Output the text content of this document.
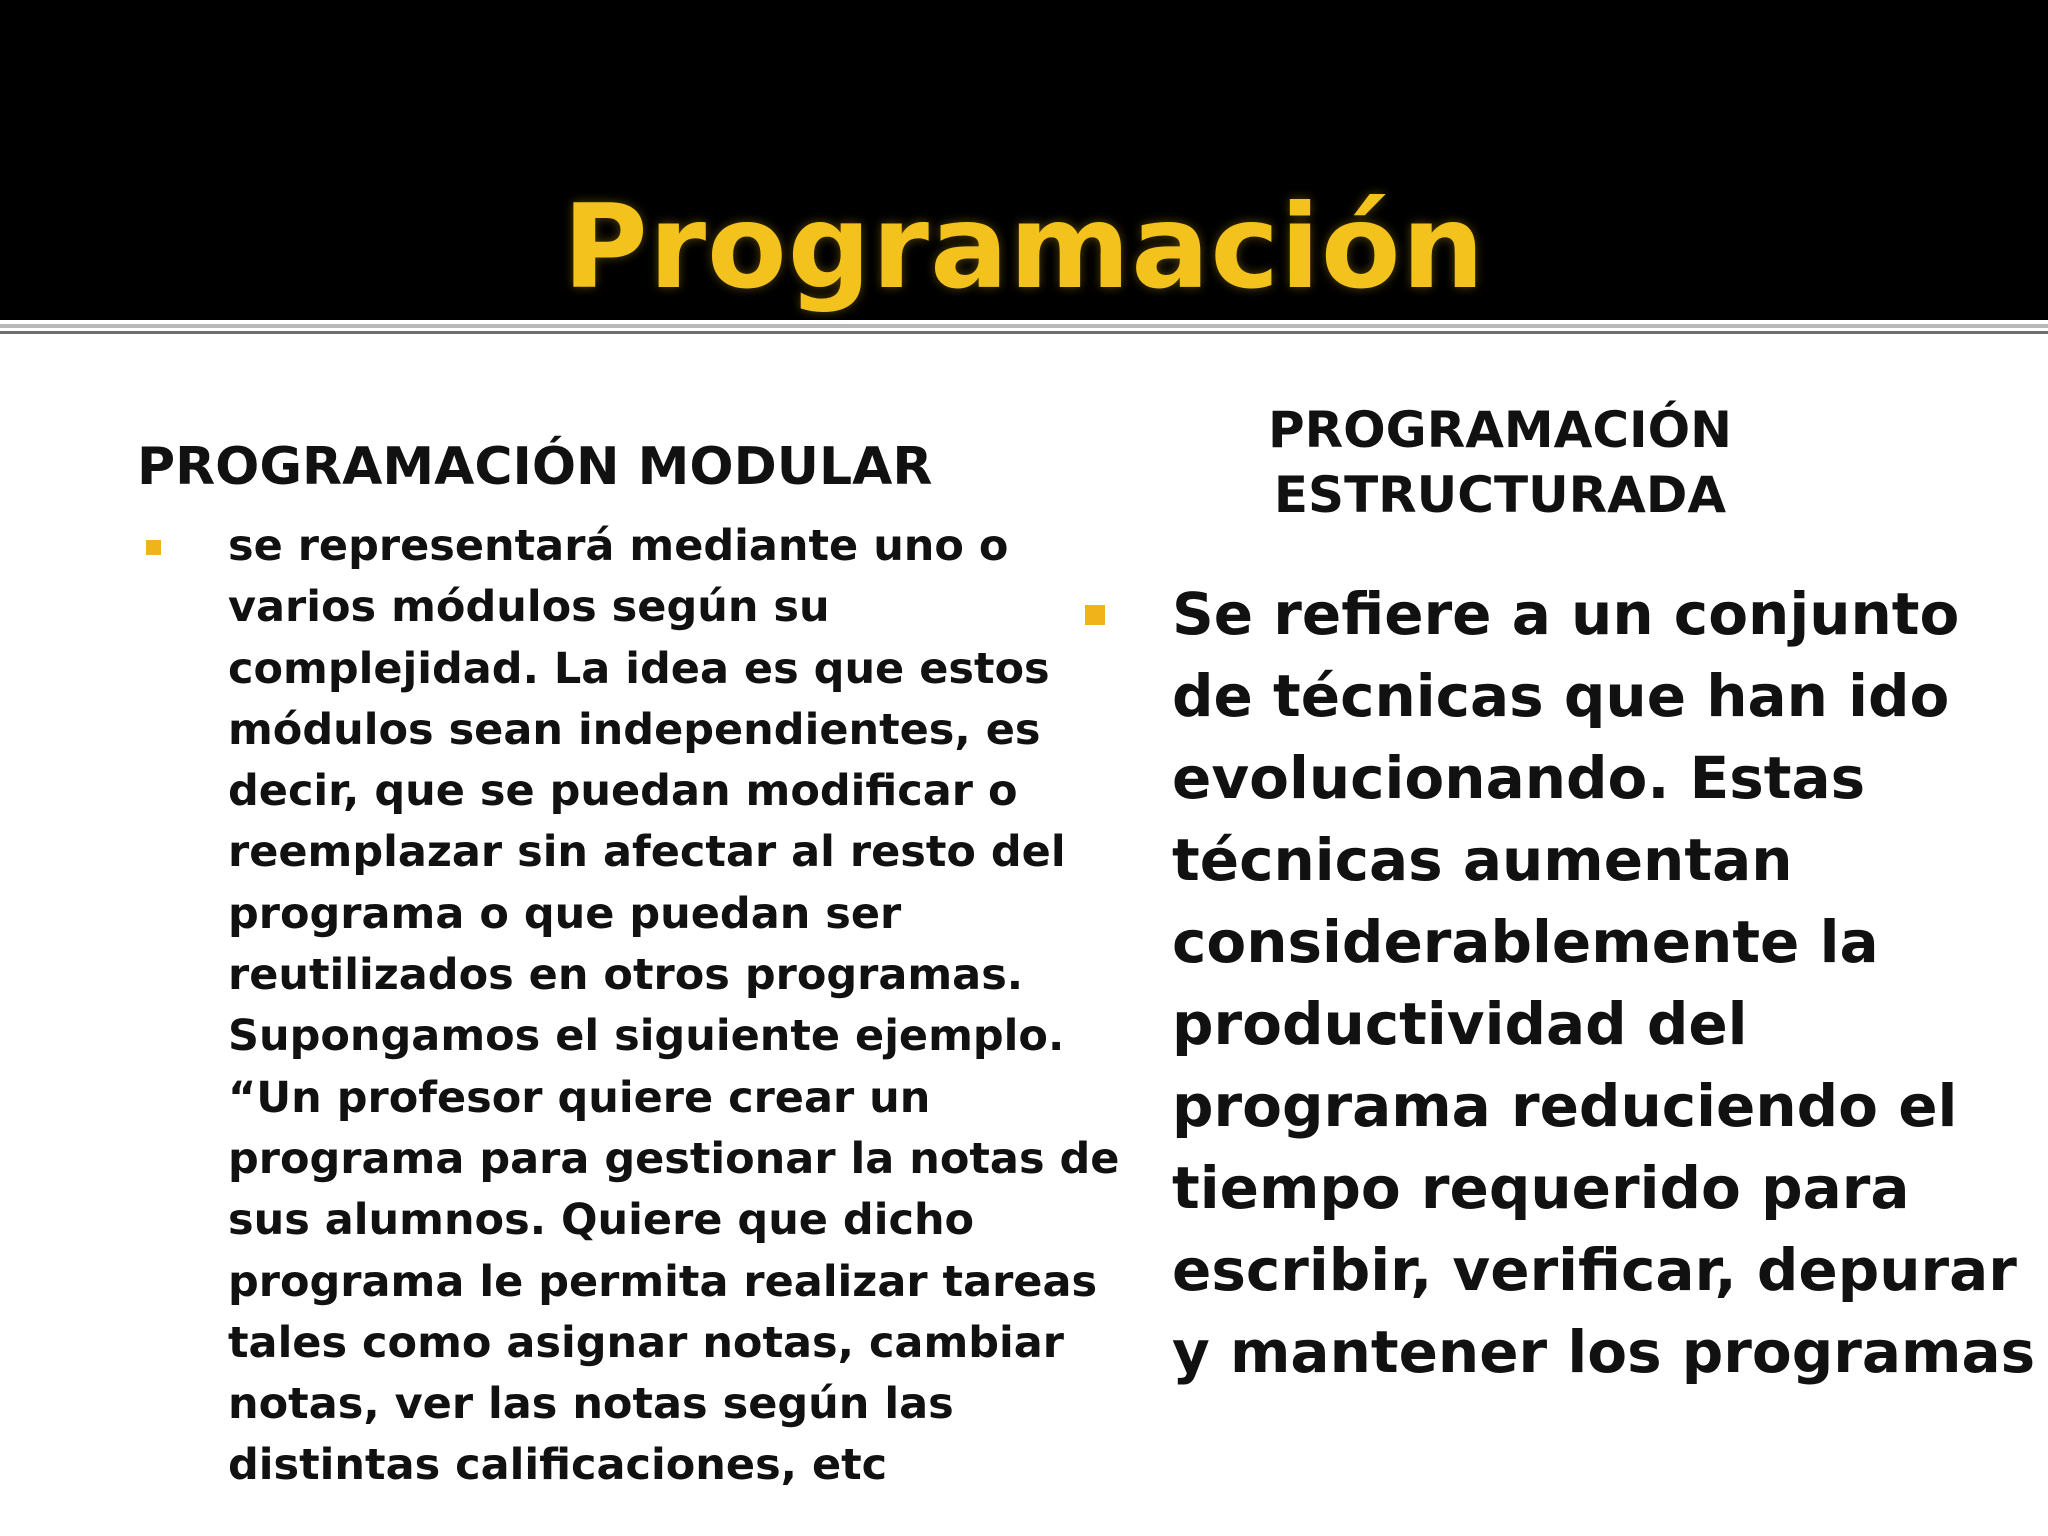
Programación
PROGRAMACIÓN MODULAR
PROGRAMACIÓN
ESTRUCTURADA
se representará mediante uno o
varios módulos según su
complejidad. La idea es que estos
módulos sean independientes, es
decir, que se puedan modificar o
reemplazar sin afectar al resto del
programa o que puedan ser
reutilizados en otros programas.
Supongamos el siguiente ejemplo.
“Un profesor quiere crear un
programa para gestionar la notas de
sus alumnos. Quiere que dicho
programa le permita realizar tareas
tales como asignar notas, cambiar
notas, ver las notas según las
distintas calificaciones, etc
Se refiere a un conjunto
de técnicas que han ido
evolucionando. Estas
técnicas aumentan
considerablemente la
productividad del
programa reduciendo el
tiempo requerido para
escribir, verificar, depurar
y mantener los programas
